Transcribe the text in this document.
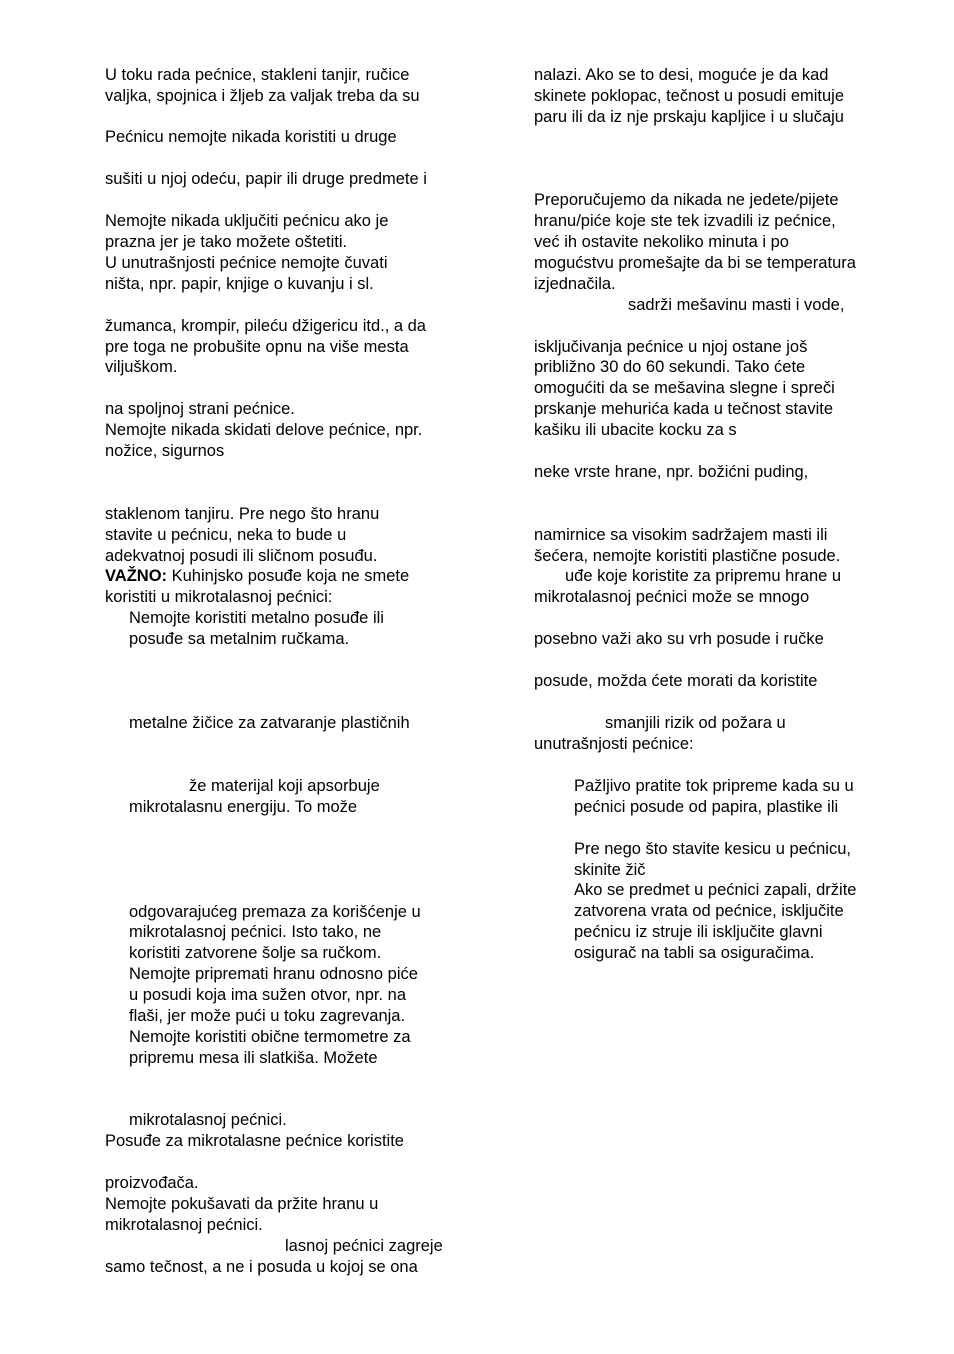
U toku rada pećnice, stakleni tanjir, ručice
valjka, spojnica i žljeb za valjak treba da su
Pećnicu nemojte nikada koristiti u druge
sušiti u njoj odeću, papir ili druge predmete i
Nemojte nikada uključiti pećnicu ako je
prazna jer je tako možete oštetiti.
U unutrašnjosti pećnice nemojte čuvati
ništa, npr. papir, knjige o kuvanju i sl.
žumanca, krompir, pileću džigericu itd., a da
pre toga ne probušite opnu na više mesta
viljuškom.
na spoljnoj strani pećnice.
Nemojte nikada skidati delove pećnice, npr.
nožice, sigurnos
staklenom tanjiru. Pre nego što hranu
stavite u pećnicu, neka to bude u
adekvatnoj posudi ili sličnom posuđu.
VAŽNO: Kuhinjsko posuđe koja ne smete
koristiti u mikrotalasnoj pećnici:
Nemojte koristiti metalno posuđe ili
posuđe sa metalnim ručkama.
metalne žičice za zatvaranje plastičnih
že materijal koji apsorbuje
mikrotalasnu energiju. To može
odgovarajućeg premaza za korišćenje u
mikrotalasnoj pećnici. Isto tako, ne
koristiti zatvorene šolje sa ručkom.
Nemojte pripremati hranu odnosno piće
u posudi koja ima sužen otvor, npr. na
flaši, jer može pući u toku zagrevanja.
Nemojte koristiti obične termometre za
pripremu mesa ili slatkiša. Možete
mikrotalasnoj pećnici.
Posuđe za mikrotalasne pećnice koristite
proizvođača.
Nemojte pokušavati da pržite hranu u
mikrotalasnoj pećnici.
lasnoj pećnici zagreje
samo tečnost, a ne i posuda u kojoj se ona
nalazi. Ako se to desi, moguće je da kad
skinete poklopac, tečnost u posudi emituje
paru ili da iz nje prskaju kapljice i u slučaju
Preporučujemo da nikada ne jedete/pijete
hranu/piće koje ste tek izvadili iz pećnice,
već ih ostavite nekoliko minuta i po
mogućstvu promešajte da bi se temperatura
izjednačila.
sadrži mešavinu masti i vode,
isključivanja pećnice u njoj ostane još
približno 30 do 60 sekundi. Tako ćete
omogućiti da se mešavina slegne i spreči
prskanje mehurića kada u tečnost stavite
kašiku ili ubacite kocku za s
neke vrste hrane, npr. božićni puding,
namirnice sa visokim sadržajem masti ili
šećera, nemojte koristiti plastične posude.
uđe koje koristite za pripremu hrane u
mikrotalasnoj pećnici može se mnogo
posebno važi ako su vrh posude i ručke
posude, možda ćete morati da koristite
smanjili rizik od požara u
unutrašnjosti pećnice:
Pažljivo pratite tok pripreme kada su u
pećnici posude od papira, plastike ili
Pre nego što stavite kesicu u pećnicu,
skinite žič
Ako se predmet u pećnici zapali, držite
zatvorena vrata od pećnice, isključite
pećnicu iz struje ili isključite glavni
osigurač na tabli sa osiguračima.
